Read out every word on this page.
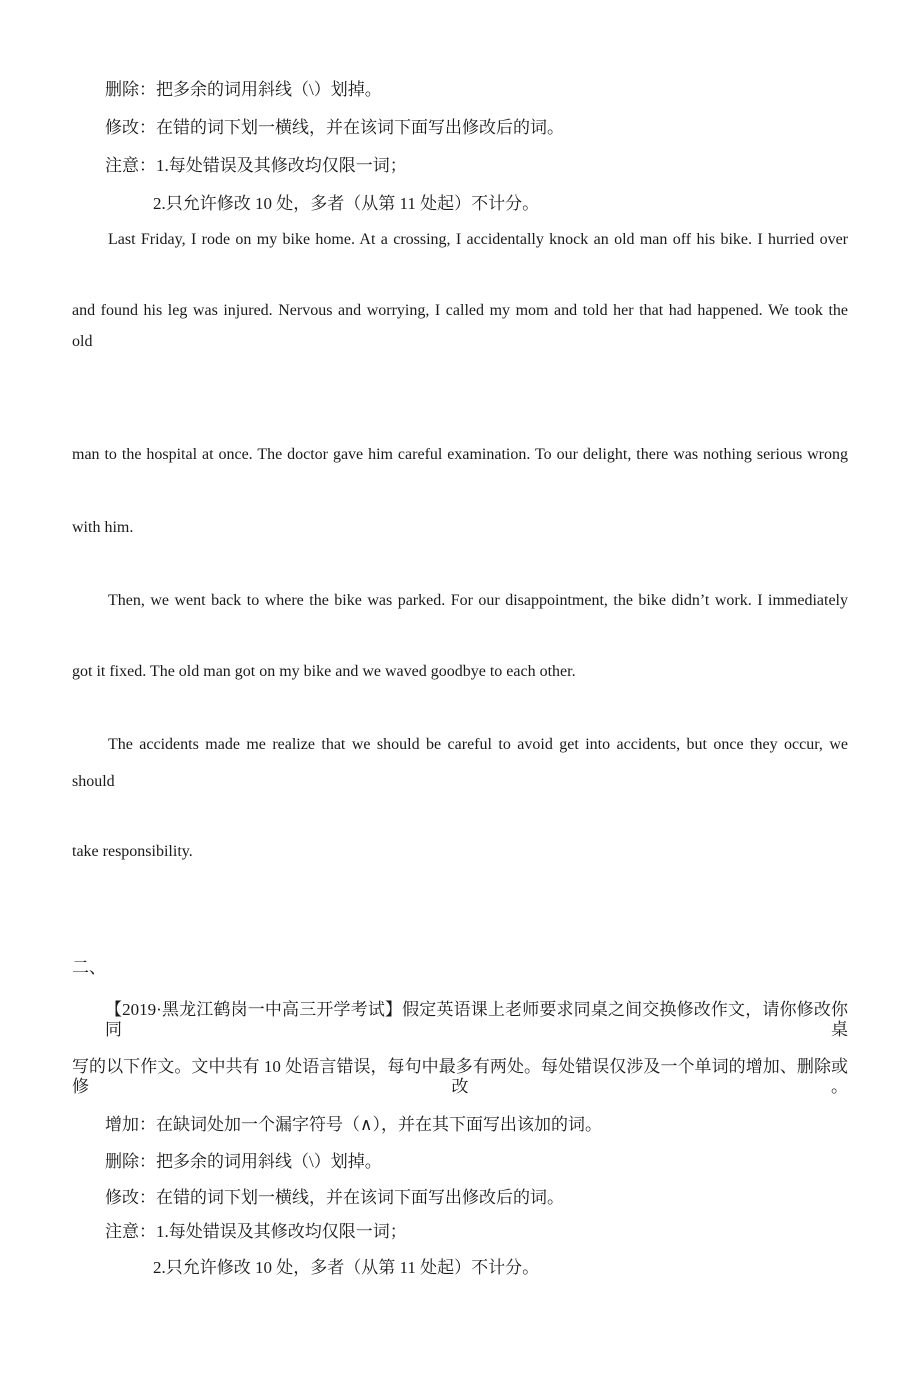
删除：把多余的词用斜线（\）划掉。
修改：在错的词下划一横线，并在该词下面写出修改后的词。
注意：1.每处错误及其修改均仅限一词；
2.只允许修改 10 处，多者（从第 11 处起）不计分。
Last Friday, I rode on my bike home. At a crossing, I accidentally knock an old man off his bike. I hurried over
and found his leg was injured. Nervous and worrying, I called my mom and told her that had happened. We took the
old
man to the hospital at once. The doctor gave him careful examination. To our delight, there was nothing serious wrong
with him.
Then, we went back to where the bike was parked. For our disappointment, the bike didn’t work. I immediately
got it fixed. The old man got on my bike and we waved goodbye to each other.
The accidents made me realize that we should be careful to avoid get into accidents, but once they occur, we
should
take responsibility.
二、
【2019·黑龙江鹤岗一中高三开学考试】假定英语课上老师要求同桌之间交换修改作文，请你修改你同桌
写的以下作文。文中共有 10 处语言错误，每句中最多有两处。每处错误仅涉及一个单词的增加、删除或修改。
增加：在缺词处加一个漏字符号（∧），并在其下面写出该加的词。
删除：把多余的词用斜线（\）划掉。
修改：在错的词下划一横线，并在该词下面写出修改后的词。
注意：1.每处错误及其修改均仅限一词；
2.只允许修改 10 处，多者（从第 11 处起）不计分。
